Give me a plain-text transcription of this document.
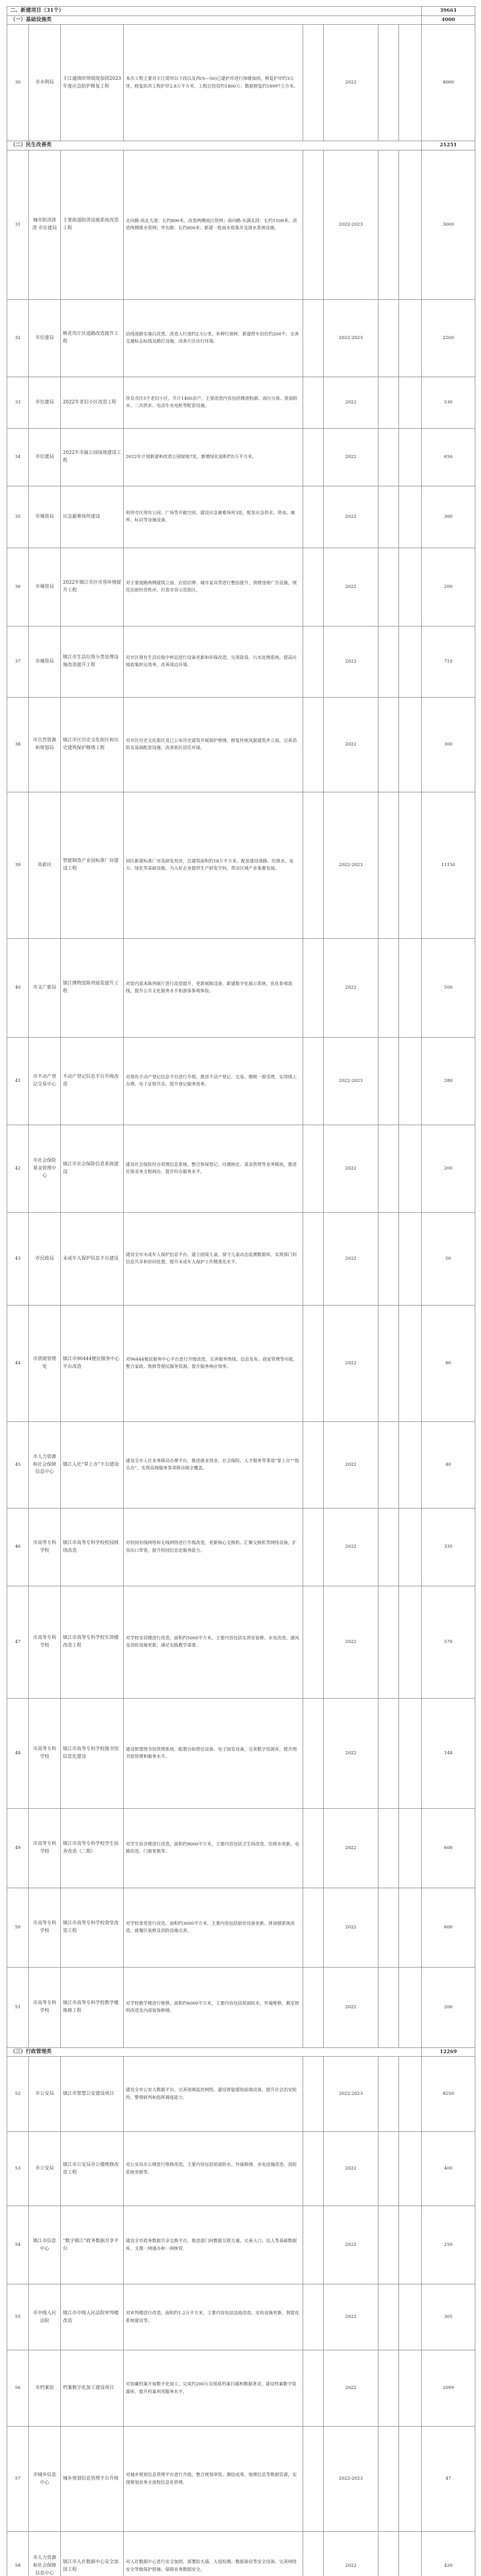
二、新建项目（31个）								39661
（一）基础设施类								4000
30	市水利局	丰江通填岸坝坡堤加固2023年度应急防护修复工程	本次工程主要对丰江堤坝以下段以及西(S—50)已建护岸进行抹缝加固，修复护岸约3公里，修复防洪工程护岸2.8万平方米，工程总投资约1800万；数据修复约18997立方米。		2022			4000
（二）民生改善类								21251
31	城市防洪排涝 市住建局	主要街道防涝设施系统改造工程	北向路·南北大道：长约800米，改造两侧雨污管网；南向路·东湖北段：长约1500米，改造两侧排水管网；华东路：长约600米；新建一批雨水收集井及排水系统设施。		2022-2023			3000
32	市住建局	桃花坞片区道路改造提升工程	沿线道路实施白改黑，改造人行道约2.5公里，补种行道树，新建停车泊位约200个，完善交通标志标线及路灯设施，改善片区出行环境。		2022-2023			2200
33	市住建局	2022年老旧小区改造工程	涉及市区5个老旧小区，共计1400余户，主要改造内容包括楼道粉刷、雨污分流、屋面防水、二次供水、电动车充电桩等配套设施。		2022			530
34	市住建局	2022年市属公园绿地建设工程	2022年计划新建和改造公园绿地7处，新增绿化面积约5万平方米。		2022			650
35	市城管局	应急避难场所建设	利用市区现有公园、广场等开敞空间，建设应急避难场所3处，配套应急供水、供电、厕所、标识等设施设备。		2022			300
36	市城管局	2022年镇江市区市容环境提升工程	对主要道路两侧建筑立面、店招店牌、城市家具等进行整治提升，清理违规广告设施，规范沿街经营秩序，打造市容示范街区。		2022			200
37	市城管局	镇江市生活垃圾分类处理设施改造提升工程	对市区现有生活垃圾中转站进行设备更新和环保改造，完善除臭、污水处理系统，提高垃圾收集转运效率，改善周边环境。		2022			710
38	市自然资源和规划局	镇江市区历史文化街区和历史建筑保护修缮工程	对市区历史文化街区及已公布历史建筑开展保护修缮，修复传统风貌建筑外立面，完善消防及基础配套设施，改善街区居住环境。		2022			300
39	高新区	智能制造产业园标准厂房建设工程	园区新建标准厂房及研发用房，总建筑面积约18万平方米，配套建设道路、给排水、电力、绿化等基础设施，为入驻企业提供生产研发空间，带动区域产业集聚发展。		2022-2023			11150
40	市文广旅局	镇江博物馆陈列展览提升工程	对馆内基本陈列展厅进行改造提升，更新展陈设备，新建数字化展示系统，优化参观流线，提升公共文化服务水平和游客参观体验。		2022			500
41	市不动产登记交易中心	不动产登记信息平台升级改造	对现有不动产登记信息平台进行升级，推进不动产登记、交易、缴税一窗受理，实现线上办理、电子证照共享，提升登记服务效率。		2022-2023			280
42	市社会保险基金管理中心	镇江市社会保险信息系统建设	建设社会保险经办管理信息系统，整合参保登记、待遇核定、基金管理等业务模块，推进社保业务全程网办，提升经办服务水平。		2022			200
43	市民政局	未成年人保护信息平台建设	建设全市未成年人保护信息平台，建立困境儿童、留守儿童动态监测数据库，实现部门间信息共享和协同处置，提升未成年人保护工作精准化水平。		2022			50
44	市供销管理处	镇江市96444便民服务中心平台改造	对96444便民服务中心平台进行升级改造，完善服务热线、信息发布、商家管理等功能，整合家政、维修等便民服务资源，提升服务响应效率。		2022			80
45	市人力资源和社会保障信息中心	镇江人社“掌上办”平台建设	建设全市人社业务移动办理平台，推进就业创业、社会保险、人才服务等事项“掌上办”“指尖办”，实现高频服务事项移动端全覆盖。		2022			40
46	市高等专科学校	镇江市高等专科学校校园网络改造	对校园有线网络和无线网络进行升级改造，更新核心交换机、汇聚交换机等网络设备，扩容出口带宽，提升校园信息化服务能力。		2022			335
47	市高等专科学校	镇江市高等专科学校实训楼改造工程	对学校实训楼进行改造，面积约5000平方米，主要内容包括实训室装修、水电改造、通风及消防设施更新，满足实践教学需要。		2022			570
48	市高等专科学校	镇江市高等专科学校图书馆信息化建设	建设智慧图书馆管理系统，配置自助借还设备、电子阅览设备，完善数字资源库，提升图书馆管理和服务水平。		2022			148
49	市高等专科学校	镇江市高等专科学校学生宿舍改造（二期）	对学生宿舍楼进行改造，面积约9000平方米，主要内容包括卫生间改造、给排水更新、电路改造、门窗更换等。		2022			600
50	市高等专科学校	镇江市高等专科学校食堂改造工程	对学校食堂进行改造，面积约3000平方米，主要内容包括厨房设备更新、排油烟系统改造、就餐区装修及消防设施完善。		2022			600
51	市高等专科学校	镇江市高等专科学校教学楼维修工程	对学校教学楼进行维修，面积约6000平方米，主要内容包括屋面防水、外墙维修、教室照明改造及内部装饰修缮。		2022			200
（三）行政管理类								12269
52	市公安局	镇江市智慧公安建设项目	建设全市公安大数据平台，完善视频监控网络，建设智能感知前端设备，提升社会治安防控、警情研判和指挥调度能力。		2022-2023			8250
53	市公安局	镇江市公安局办公楼维修改造工程	对公安局办公楼进行维修改造，主要内容包括屋面防水、外墙修缮、水电设施改造、消防系统更新等。		2022			400
54	镇江市信息中心	“数字镇江”政务数据共享平台	建设全市政务数据共享交换平台，推进部门间数据互联互通，完善人口、法人等基础数据库，支撑一网通办和一网统管。		2022			250
55	市中级人民法院	镇江市中级人民法院审判楼改造	对审判楼进行改造，面积约1.2万平方米，主要内容包括法庭改造、安检设施更新、智能化系统建设等。		2022			305
56	市档案馆	档案数字化加工建设项目	对馆藏档案开展数字化加工，完成约200万页纸质档案扫描和数据著录，建设档案数字资源库，提升档案利用服务水平。		2022			2099
57	市城乡信息中心	城乡规划信息管理平台升级	对城乡规划信息管理平台进行升级，整合规划审批、测绘成果、地理信息等数据资源，实现规划业务全流程信息化管理。		2022-2023			47
58	市人力资源和社会保障信息中心	镇江市人社数据中心安全加固工程	对人社数据中心进行安全加固，部署防火墙、入侵检测、数据备份等安全设备，完善网络安全等级保护措施，保障业务数据安全。		2022			420
